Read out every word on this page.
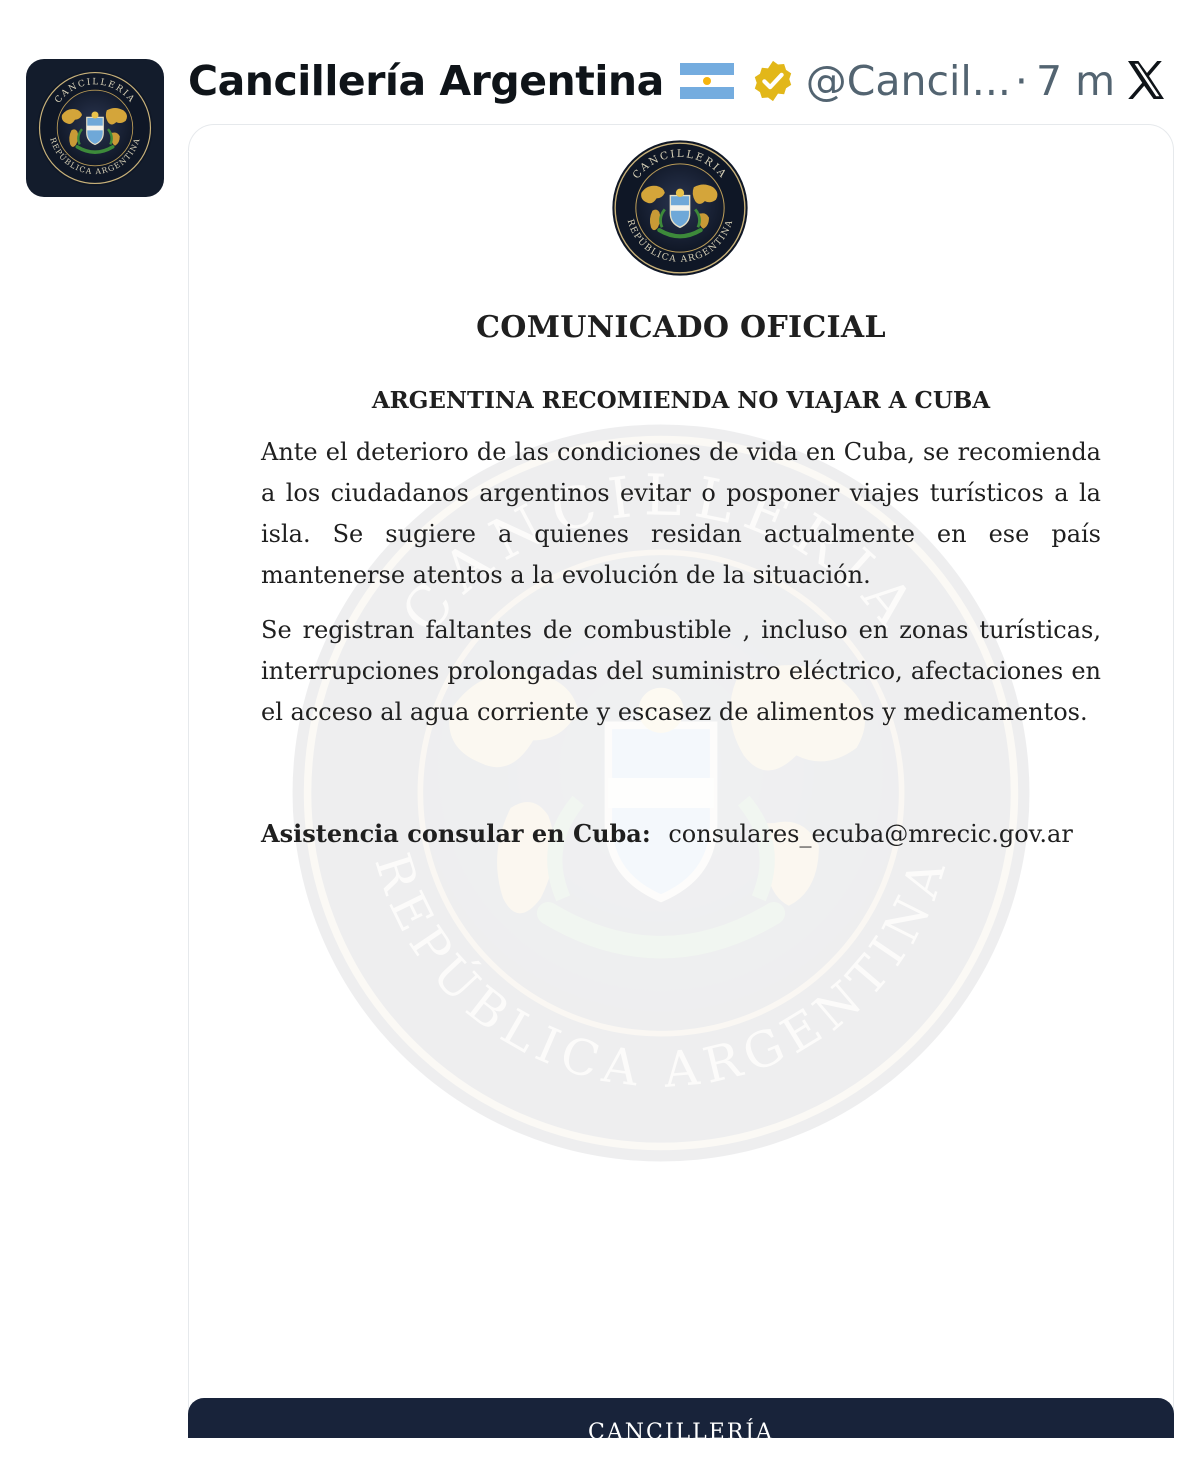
Cancillería Argentina	@Cancil... · 7 m
COMUNICADO OFICIAL
ARGENTINA RECOMIENDA NO VIAJAR A CUBA

Ante el deterioro de las condiciones de vida en Cuba, se recomienda a los ciudadanos argentinos evitar o posponer viajes turísticos a la isla. Se sugiere a quienes residan actualmente en ese país mantenerse atentos a la evolución de la situación.

Se registran faltantes de combustible , incluso en zonas turísticas, interrupciones prolongadas del suministro eléctrico, afectaciones en el acceso al agua corriente y escasez de alimentos y medicamentos.

Asistencia consular en Cuba: consulares_ecuba@mrecic.gov.ar
CANCILLERÍA
